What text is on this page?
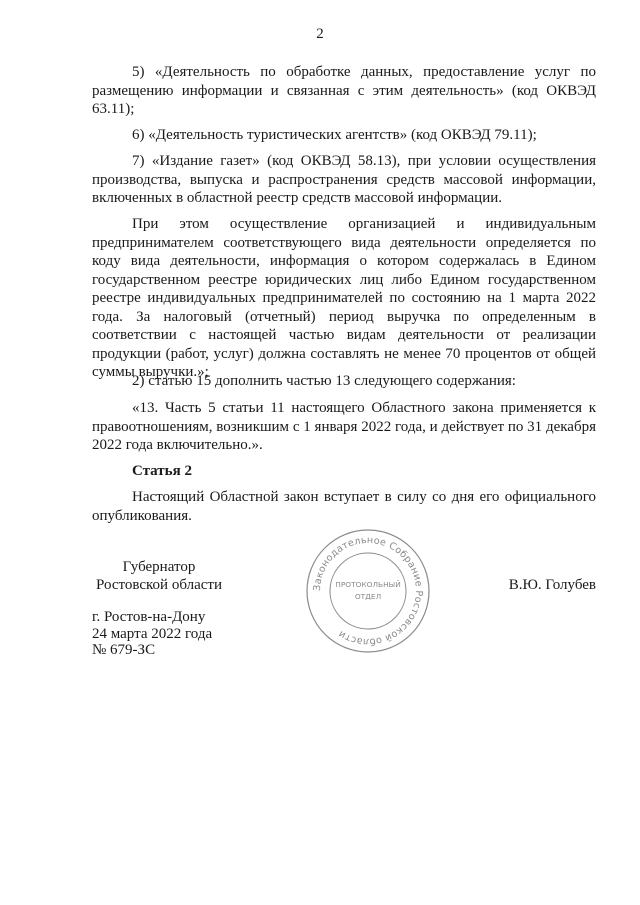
2
5) «Деятельность по обработке данных, предоставление услуг по размещению информации и связанная с этим деятельность» (код ОКВЭД 63.11);
6) «Деятельность туристических агентств» (код ОКВЭД 79.11);
7) «Издание газет» (код ОКВЭД 58.13), при условии осуществления производства, выпуска и распространения средств массовой информации, включенных в областной реестр средств массовой информации.
При этом осуществление организацией и индивидуальным предпринимателем соответствующего вида деятельности определяется по коду вида деятельности, информация о котором содержалась в Едином государственном реестре юридических лиц либо Едином государственном реестре индивидуальных предпринимателей по состоянию на 1 марта 2022 года. За налоговый (отчетный) период выручка по определенным в соответствии с настоящей частью видам деятельности от реализации продукции (работ, услуг) должна составлять не менее 70 процентов от общей суммы выручки.»;
2) статью 15 дополнить частью 13 следующего содержания:
«13. Часть 5 статьи 11 настоящего Областного закона применяется к правоотношениям, возникшим с 1 января 2022 года, и действует по 31 декабря 2022 года включительно.».
Статья 2
Настоящий Областной закон вступает в силу со дня его официального опубликования.
Губернатор
Ростовской области	Законодательное Собрание Ростовской области
ПРОТОКОЛЬНЫЙ
ОТДЕЛ
В.Ю. Голубев
г. Ростов-на-Дону
24 марта 2022 года
№ 679-ЗС
